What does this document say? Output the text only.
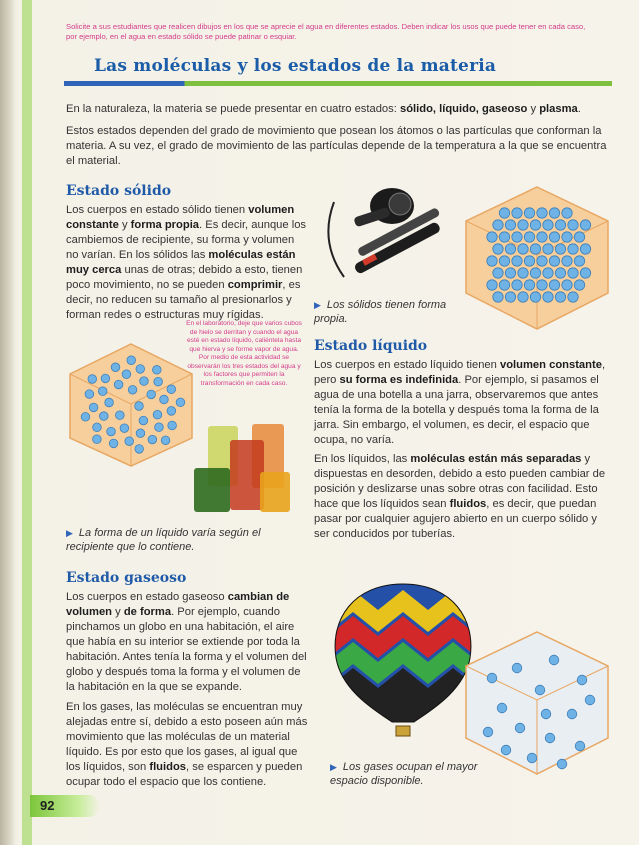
Solicite a sus estudiantes que realicen dibujos en los que se aprecie el agua en diferentes estados. Deben indicar los usos que puede tener en cada caso, por ejemplo, en el agua en estado sólido se puede patinar o esquiar.
Las moléculas y los estados de la materia
En la naturaleza, la materia se puede presentar en cuatro estados: sólido, líquido, gaseoso y plasma.
Estos estados dependen del grado de movimiento que posean los átomos o las partículas que conforman la materia. A su vez, el grado de movimiento de las partículas depende de la temperatura a la que se encuentra el material.
Estado sólido
Los cuerpos en estado sólido tienen volumen constante y forma propia. Es decir, aunque los cambiemos de recipiente, su forma y volumen no varían. En los sólidos las moléculas están muy cerca unas de otras; debido a esto, tienen poco movimiento, no se pueden comprimir, es decir, no reducen su tamaño al presionarlos y forman redes o estructuras muy rígidas.
▶ Los sólidos tienen forma propia.
En el laboratorio, deje que varios cubos de hielo se derritan y cuando el agua esté en estado líquido, caliéntela hasta que hierva y se forme vapor de agua. Por medio de esta actividad se observarán los tres estados del agua y los factores que permiten la transformación en cada caso.
▶ La forma de un líquido varía según el recipiente que lo contiene.
Estado líquido
Los cuerpos en estado líquido tienen volumen constante, pero su forma es indefinida. Por ejemplo, si pasamos el agua de una botella a una jarra, observaremos que antes tenía la forma de la botella y después toma la forma de la jarra. Sin embargo, el volumen, es decir, el espacio que ocupa, no varía.
En los líquidos, las moléculas están más separadas y dispuestas en desorden, debido a esto pueden cambiar de posición y deslizarse unas sobre otras con facilidad. Esto hace que los líquidos sean fluidos, es decir, que puedan pasar por cualquier agujero abierto en un cuerpo sólido y ser conducidos por tuberías.
Estado gaseoso
Los cuerpos en estado gaseoso cambian de volumen y de forma. Por ejemplo, cuando pinchamos un globo en una habitación, el aire que había en su interior se extiende por toda la habitación. Antes tenía la forma y el volumen del globo y después toma la forma y el volumen de la habitación en la que se expande.
En los gases, las moléculas se encuentran muy alejadas entre sí, debido a esto poseen aún más movimiento que las moléculas de un material líquido. Es por esto que los gases, al igual que los líquidos, son fluidos, se esparcen y pueden ocupar todo el espacio que los contiene.
▶ Los gases ocupan el mayor espacio disponible.
92
